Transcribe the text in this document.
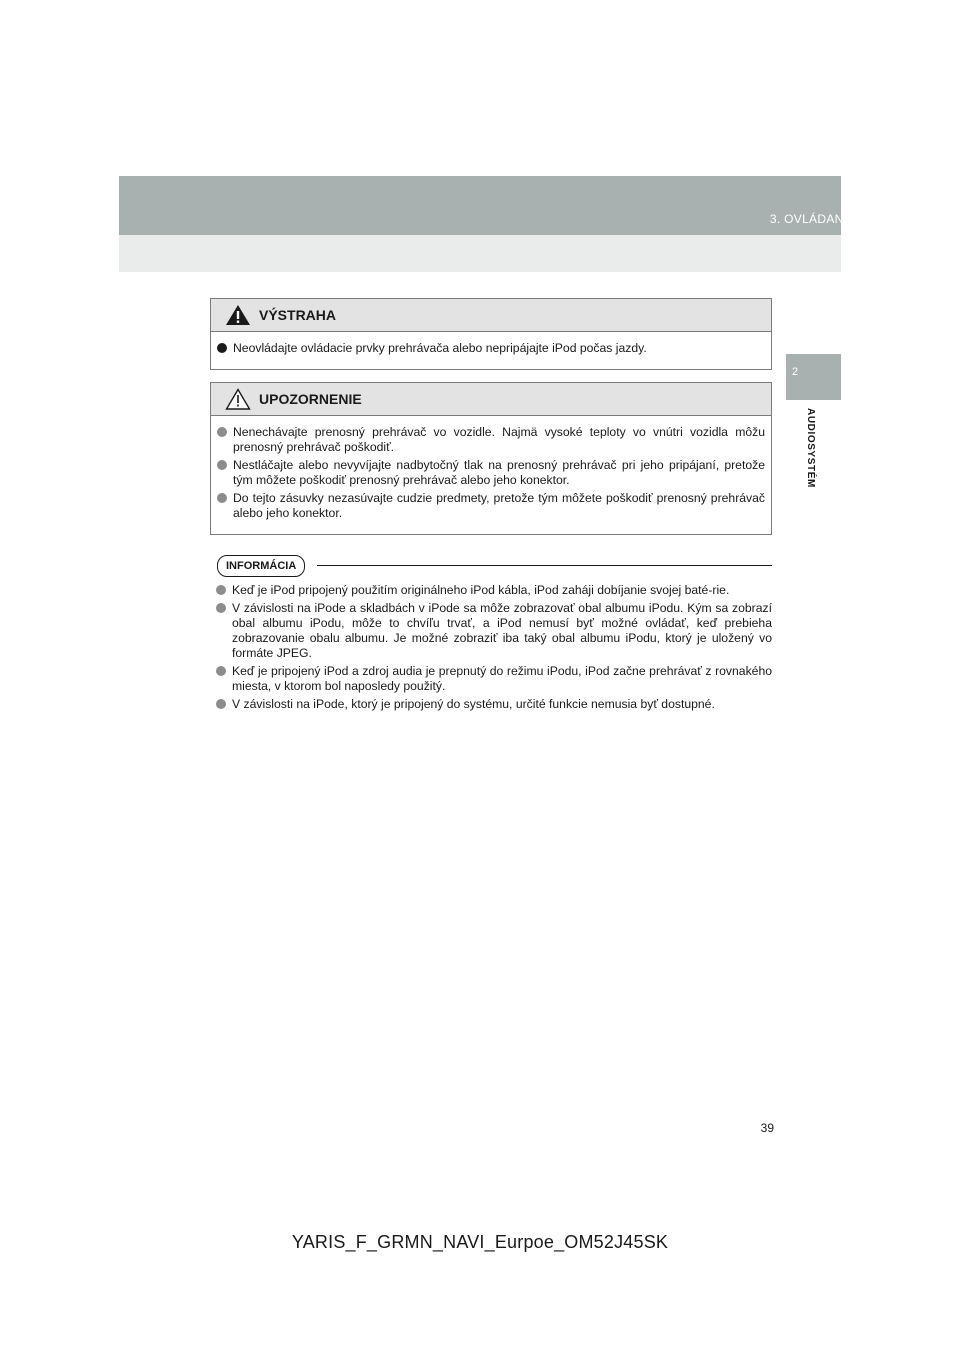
3. OVLÁDANIE MÉDIÍ
2
AUDIOSYSTÉM
VÝSTRAHA
Neovládajte ovládacie prvky prehrávača alebo nepripájajte iPod počas jazdy.
UPOZORNENIE
Nenechávajte prenosný prehrávač vo vozidle. Najmä vysoké teploty vo vnútri vozidla môžu prenosný prehrávač poškodiť.
Nestláčajte alebo nevyvíjajte nadbytočný tlak na prenosný prehrávač pri jeho pripájaní, pretože tým môžete poškodiť prenosný prehrávač alebo jeho konektor.
Do tejto zásuvky nezasúvajte cudzie predmety, pretože tým môžete poškodiť prenosný prehrávač alebo jeho konektor.
INFORMÁCIA
Keď je iPod pripojený použitím originálneho iPod kábla, iPod zaháji dobíjanie svojej baté-rie.
V závislosti na iPode a skladbách v iPode sa môže zobrazovať obal albumu iPodu. Kým sa zobrazí obal albumu iPodu, môže to chvíľu trvať, a iPod nemusí byť možné ovládať, keď prebieha zobrazovanie obalu albumu. Je možné zobraziť iba taký obal albumu iPodu, ktorý je uložený vo formáte JPEG.
Keď je pripojený iPod a zdroj audia je prepnutý do režimu iPodu, iPod začne prehrávať z rovnakého miesta, v ktorom bol naposledy použitý.
V závislosti na iPode, ktorý je pripojený do systému, určité funkcie nemusia byť dostupné.
39
YARIS_F_GRMN_NAVI_Eurpoe_OM52J45SK
